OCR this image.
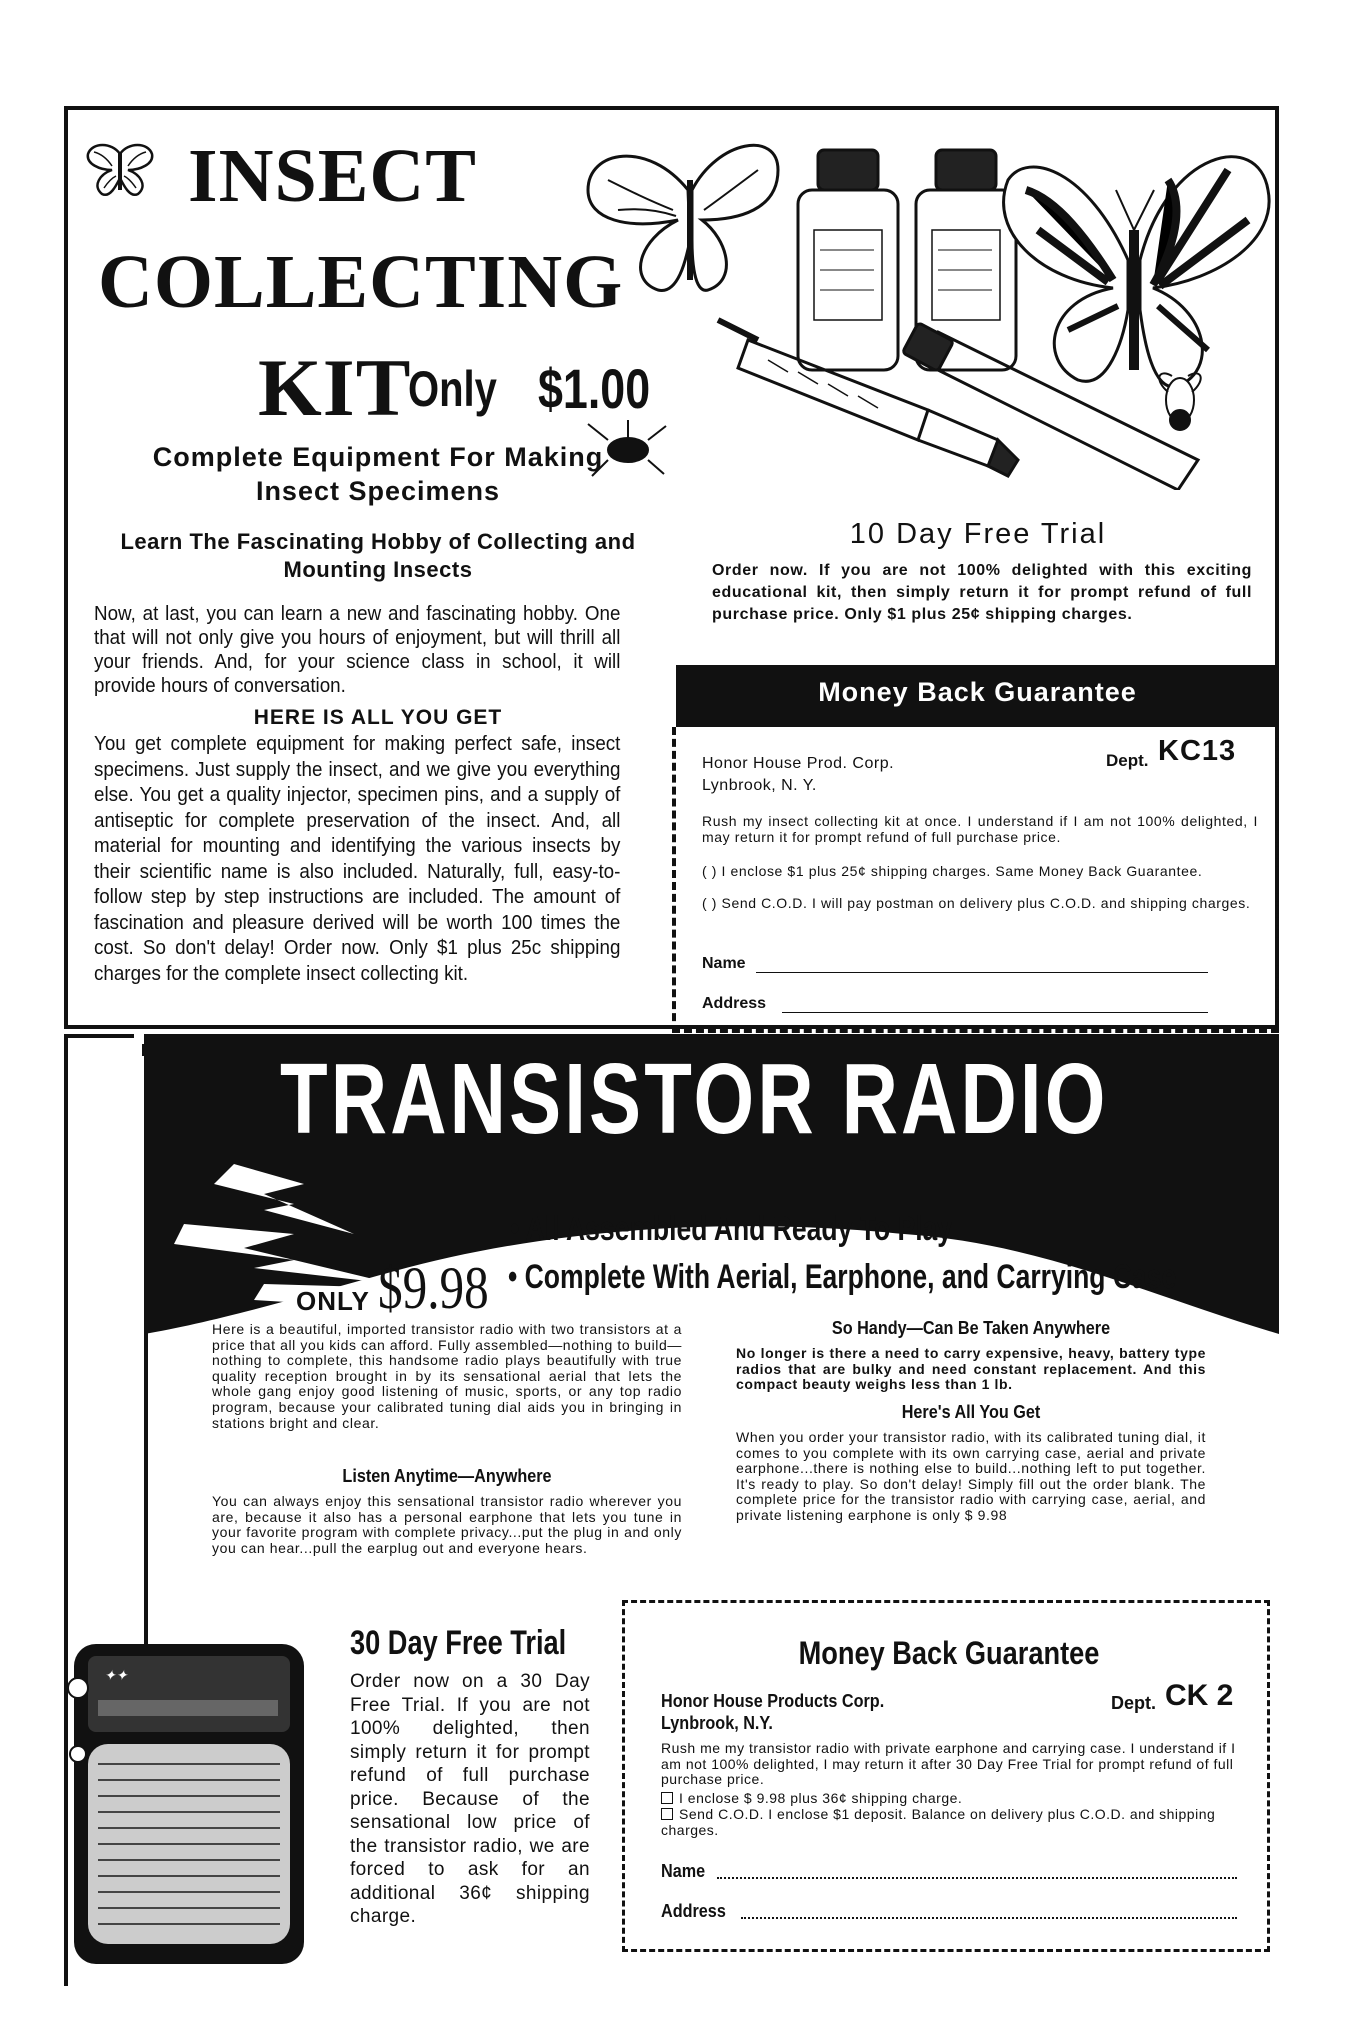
INSECT
COLLECTING
KIT
Only $1.00
Complete Equipment For Making Insect Specimens
Learn The Fascinating Hobby of Collecting and Mounting Insects
Now, at last, you can learn a new and fascinating hobby. One that will not only give you hours of enjoyment, but will thrill all your friends. And, for your science class in school, it will provide hours of conversation.
HERE IS ALL YOU GET
You get complete equipment for making perfect safe, insect specimens. Just supply the insect, and we give you everything else. You get a quality injector, specimen pins, and a supply of antiseptic for complete preservation of the insect. And, all material for mounting and identifying the various insects by their scientific name is also included. Naturally, full, easy-to-follow step by step instructions are included. The amount of fascination and pleasure derived will be worth 100 times the cost. So don't delay! Order now. Only $1 plus 25c shipping charges for the complete insect collecting kit.
10 Day Free Trial
Order now. If you are not 100% delighted with this exciting educational kit, then simply return it for prompt refund of full purchase price. Only $1 plus 25¢ shipping charges.
Money Back Guarantee
Honor House Prod. Corp.
Lynbrook, N. Y.
Dept. KC13
Rush my insect collecting kit at once. I understand if I am not 100% delighted, I may return it for prompt refund of full purchase price.
( ) I enclose $1 plus 25¢ shipping charges. Same Money Back Guarantee.
( ) Send C.O.D. I will pay postman on delivery plus C.O.D. and shipping charges.
Name
Address
✦✦
TRANSISTOR RADIO
• All Assembled And Ready To Play
ONLY $9.98 • Complete With Aerial, Earphone, and Carrying Case
Here is a beautiful, imported transistor radio with two transistors at a price that all you kids can afford. Fully assembled—nothing to build—nothing to complete, this handsome radio plays beautifully with true quality reception brought in by its sensational aerial that lets the whole gang enjoy good listening of music, sports, or any top radio program, because your calibrated tuning dial aids you in bringing in stations bright and clear.
Listen Anytime—Anywhere
You can always enjoy this sensational transistor radio wherever you are, because it also has a personal earphone that lets you tune in your favorite program with complete privacy...put the plug in and only you can hear...pull the earplug out and everyone hears.
So Handy—Can Be Taken Anywhere
No longer is there a need to carry expensive, heavy, battery type radios that are bulky and need constant replacement. And this compact beauty weighs less than 1 lb.
Here's All You Get
When you order your transistor radio, with its calibrated tuning dial, it comes to you complete with its own carrying case, aerial and private earphone...there is nothing else to build...nothing left to put together. It's ready to play. So don't delay! Simply fill out the order blank. The complete price for the transistor radio with carrying case, aerial, and private listening earphone is only $ 9.98
30 Day Free Trial
Order now on a 30 Day Free Trial. If you are not 100% delighted, then simply return it for prompt refund of full purchase price. Because of the sensational low price of the transistor radio, we are forced to ask for an additional 36¢ shipping charge.
Money Back Guarantee
Honor House Products Corp.
Lynbrook, N.Y.
Dept. CK 2
Rush me my transistor radio with private earphone and carrying case. I understand if I am not 100% delighted, I may return it after 30 Day Free Trial for prompt refund of full purchase price.
I enclose $ 9.98 plus 36¢ shipping charge.
Send C.O.D. I enclose $1 deposit. Balance on delivery plus C.O.D. and shipping charges.
Name
Address
